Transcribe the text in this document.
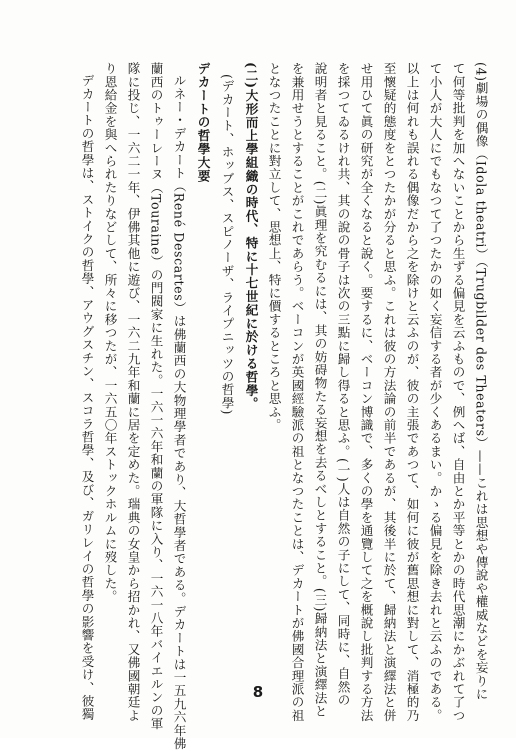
(4)劇場の偶像（Idola theatri）（Trugbilder des Theaters）——これは思想や傳說や權威などを妄りに
て何等批判を加へないことから生ずる偏見を云ふもので、例へば、自由とか平等とかの時代思潮にかぶれて了つ
て小人が大人にでもなつて了つたかの如く妄信する者が少くあるまい。かゝる偏見を除き去れと云ふのである。
以上は何れも誤れる偶像だから之を除けと云ふのが、彼の主張であつて、如何に彼が舊思想に對して、消極的乃
至懷疑的態度をとつたかが分ると思ふ。これは彼の方法論の前半であるが、其後半に於て、歸納法と演繹法と併
せ用ひて眞の研究が全くなると說く。要するに、ベーコン博識で、多くの學を通覽して之を概說し批判する方法
を採つてゐるけれ共、其の說の骨子は次の三點に歸し得ると思ふ。(一)人は自然の子にして、同時に、自然の
說明者と見ること。(二)眞理を究むるには、其の妨碍物たる妄想を去るべしとすること。(三)歸納法と演繹法と
を兼用せうとすることがこれであらう。ベーコンが英國經驗派の祖となつたことは、デカートが佛國合理派の祖
となつたことに對立して、思想上、特に價するところと思ふ。
(二)大形而上學組織の時代、特に十七世紀に於ける哲學。
(デカート、ホッブス、スピノーザ、ライプニッツの哲學)
デカートの哲學大要
ルネー・デカート（René Descartes）は佛蘭西の大物理學者であり、大哲學者である。デカートは一五九六年佛
蘭西のトゥーレーヌ（Touraine）の門閥家に生れた。一六一六年和蘭の軍隊に入り、一六一八年バイエルンの軍
隊に投じ、一六二一年、伊佛其他に遊び、一六二九年和蘭に居を定めた。瑞典の女皇から招かれ、又佛國朝廷よ
り恩給金を與へられたりなどして、所々に移つたが、一六五〇年ストックホルムに歿した。
デカートの哲學は、ストイクの哲學、アウグスチン、スコラ哲學、及び、ガリレイの哲學の影響を受け、彼獨	8
